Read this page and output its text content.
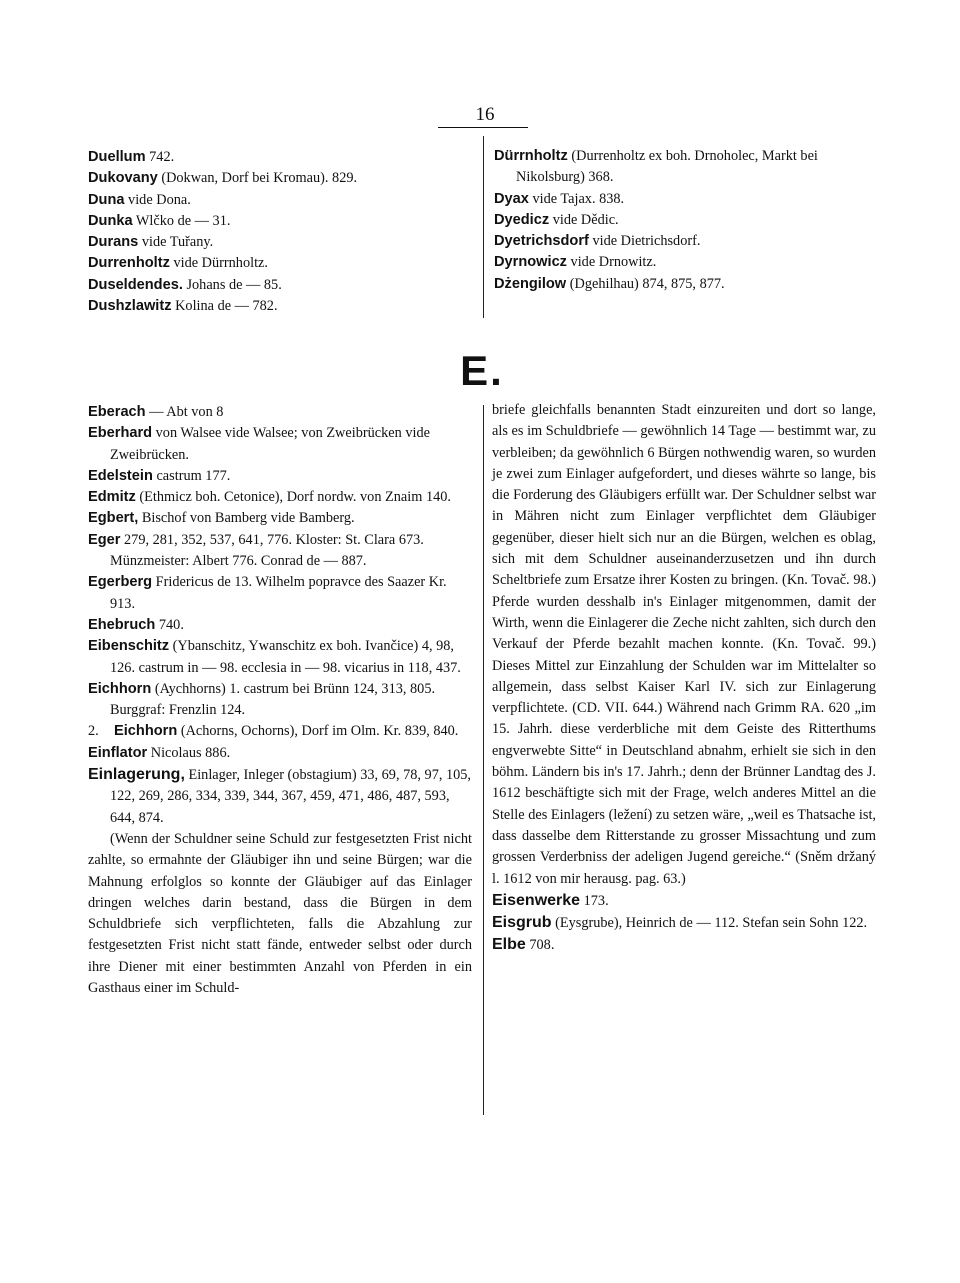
16

Duellum 742.

Dukovany (Dokwan, Dorf bei Kromau). 829.

Duna vide Dona.

Dunka Wlčko de — 31.

Durans vide Tuřany.

Durrenholtz vide Dürrnholtz.

Duseldendes. Johans de — 85.

Dushzlawitz Kolina de — 782.

Dürrnholtz (Durrenholtz ex boh. Drnoholec, Markt bei Nikolsburg) 368.

Dyax vide Tajax. 838.

Dyedicz vide Dědic.

Dyetrichsdorf vide Dietrichsdorf.

Dyrnowicz vide Drnowitz.

Dżengilow (Dgehilhau) 874, 875, 877.

E.

Eberach — Abt von 8

Eberhard von Walsee vide Walsee; von Zweibrücken vide Zweibrücken.

Edelstein castrum 177.

Edmitz (Ethmicz boh. Cetonice), Dorf nordw. von Znaim 140.

Egbert, Bischof von Bamberg vide Bamberg.

Eger 279, 281, 352, 537, 641, 776. Kloster: St. Clara 673. Münzmeister: Albert 776. Conrad de — 887.

Egerberg Fridericus de 13. Wilhelm popravce des Saazer Kr. 913.

Ehebruch 740.

Eibenschitz (Ybanschitz, Ywanschitz ex boh. Ivančice) 4, 98, 126. castrum in — 98. ecclesia in — 98. vicarius in 118, 437.

Eichhorn (Aychhorns) 1. castrum bei Brünn 124, 313, 805. Burggraf: Frenzlin 124.

2. Eichhorn (Achorns, Ochorns), Dorf im Olm. Kr. 839, 840.

Einflator Nicolaus 886.

Einlagerung, Einlager, Inleger (obstagium) 33, 69, 78, 97, 105, 122, 269, 286, 334, 339, 344, 367, 459, 471, 486, 487, 593, 644, 874.

(Wenn der Schuldner seine Schuld zur festgesetzten Frist nicht zahlte, so ermahnte der Gläubiger ihn und seine Bürgen; war die Mahnung erfolglos so konnte der Gläubiger auf das Einlager dringen welches darin bestand, dass die Bürgen in dem Schuldbriefe sich verpflichteten, falls die Abzahlung zur festgesetzten Frist nicht statt fände, entweder selbst oder durch ihre Diener mit einer bestimmten Anzahl von Pferden in ein Gasthaus einer im Schuld-

briefe gleichfalls benannten Stadt einzureiten und dort so lange, als es im Schuldbriefe — gewöhnlich 14 Tage — bestimmt war, zu verbleiben; da gewöhnlich 6 Bürgen nothwendig waren, so wurden je zwei zum Einlager aufgefordert, und dieses währte so lange, bis die Forderung des Gläubigers erfüllt war. Der Schuldner selbst war in Mähren nicht zum Einlager verpflichtet dem Gläubiger gegenüber, dieser hielt sich nur an die Bürgen, welchen es oblag, sich mit dem Schuldner auseinanderzusetzen und ihn durch Scheltbriefe zum Ersatze ihrer Kosten zu bringen. (Kn. Tovač. 98.) Pferde wurden desshalb in's Einlager mitgenommen, damit der Wirth, wenn die Einlagerer die Zeche nicht zahlten, sich durch den Verkauf der Pferde bezahlt machen konnte. (Kn. Tovač. 99.) Dieses Mittel zur Einzahlung der Schulden war im Mittelalter so allgemein, dass selbst Kaiser Karl IV. sich zur Einlagerung verpflichtete. (CD. VII. 644.) Während nach Grimm RA. 620 „im 15. Jahrh. diese verderbliche mit dem Geiste des Ritterthums engverwebte Sitte“ in Deutschland abnahm, erhielt sie sich in den böhm. Ländern bis in's 17. Jahrh.; denn der Brünner Landtag des J. 1612 beschäftigte sich mit der Frage, welch anderes Mittel an die Stelle des Einlagers (ležení) zu setzen wäre, „weil es Thatsache ist, dass dasselbe dem Ritterstande zu grosser Missachtung und zum grossen Verderbniss der adeligen Jugend gereiche.“ (Sněm držaný l. 1612 von mir herausg. pag. 63.)

Eisenwerke 173.

Eisgrub (Eysgrube), Heinrich de — 112. Stefan sein Sohn 122.

Elbe 708.
